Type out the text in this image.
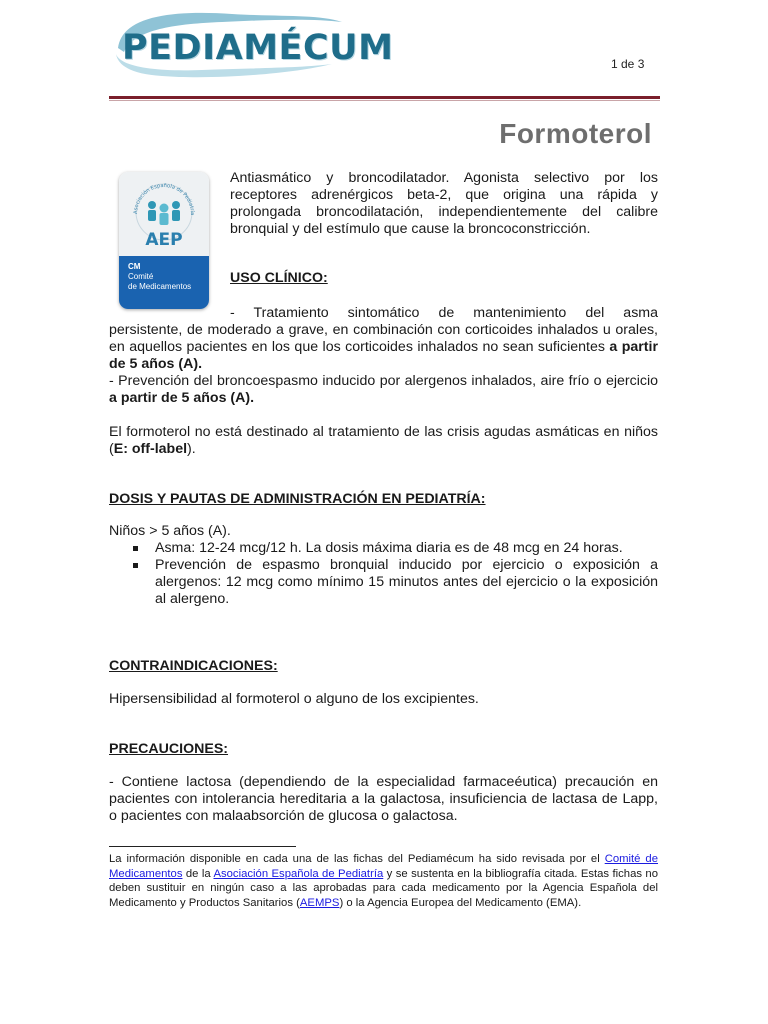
PEDIAMÉCUM	1 de 3
Formoterol
Asociación Española de Pediatría
AEP
CM
Comité
de Medicamentos
Antiasmático y broncodilatador. Agonista selectivo por los receptores adrenérgicos beta-2, que origina una rápida y prolongada broncodilatación, independientemente del calibre bronquial y del estímulo que cause la broncoconstricción.
USO CLÍNICO:
- Tratamiento sintomático de mantenimiento del asma
persistente, de moderado a grave, en combinación con corticoides inhalados u orales, en aquellos pacientes en los que los corticoides inhalados no sean suficientes a partir de 5 años (A).
- Prevención del broncoespasmo inducido por alergenos inhalados, aire frío o ejercicio a partir de 5 años (A).
El formoterol no está destinado al tratamiento de las crisis agudas asmáticas en niños (E: off-label).
DOSIS Y PAUTAS DE ADMINISTRACIÓN EN PEDIATRÍA:
Niños > 5 años (A).
Asma: 12-24 mcg/12 h. La dosis máxima diaria es de 48 mcg en 24 horas.
Prevención de espasmo bronquial inducido por ejercicio o exposición a alergenos: 12 mcg como mínimo 15 minutos antes del ejercicio o la exposición al alergeno.
CONTRAINDICACIONES:
Hipersensibilidad al formoterol o alguno de los excipientes.
PRECAUCIONES:
- Contiene lactosa (dependiendo de la especialidad farmaceéutica) precaución en pacientes con intolerancia hereditaria a la galactosa, insuficiencia de lactasa de Lapp, o pacientes con malaabsorción de glucosa o galactosa.
La información disponible en cada una de las fichas del Pediamécum ha sido revisada por el Comité de Medicamentos de la Asociación Española de Pediatría y se sustenta en la bibliografía citada. Estas fichas no deben sustituir en ningún caso a las aprobadas para cada medicamento por la Agencia Española del Medicamento y Productos Sanitarios (AEMPS) o la Agencia Europea del Medicamento (EMA).
